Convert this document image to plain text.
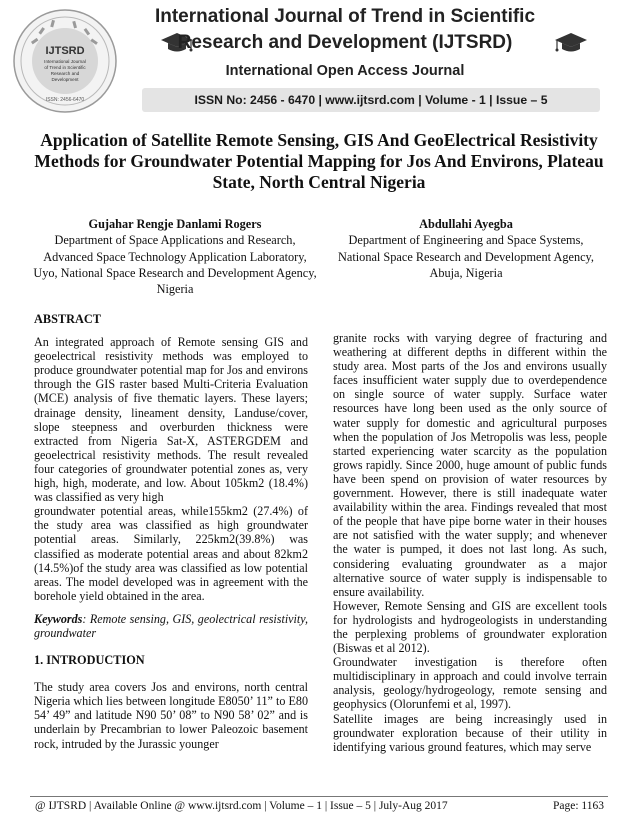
IJTSRD
International Journal
of Trend in Scientific
Research and
Development
ISSN: 2456-6470
International Journal of Trend in Scientific
Research and Development (IJTSRD)
International Open Access Journal
ISSN No: 2456 - 6470 | www.ijtsrd.com | Volume - 1 | Issue – 5
Application of Satellite Remote Sensing, GIS And GeoElectrical Resistivity Methods for Groundwater Potential Mapping for Jos And Environs, Plateau State, North Central Nigeria
Gujahar Rengje Danlami Rogers
Department of Space Applications and Research, Advanced Space Technology Application Laboratory, Uyo, National Space Research and Development Agency, Nigeria
Abdullahi Ayegba
Department of Engineering and Space Systems, National Space Research and Development Agency, Abuja, Nigeria
ABSTRACT

An integrated approach of Remote sensing GIS and geoelectrical resistivity methods was employed to produce groundwater potential map for Jos and environs through the GIS raster based Multi-Criteria Evaluation (MCE) analysis of five thematic layers. These layers; drainage density, lineament density, Landuse/cover, slope steepness and overburden thickness were extracted from Nigeria Sat-X, ASTERGDEM and geoelectrical resistivity methods. The result revealed four categories of groundwater potential zones as, very high, high, moderate, and low. About 105km2 (18.4%) was classified as very high

groundwater potential areas, while155km2 (27.4%) of the study area was classified as high groundwater potential areas. Similarly, 225km2(39.8%) was classified as moderate potential areas and about 82km2 (14.5%)of the study area was classified as low potential areas. The model developed was in agreement with the borehole yield obtained in the area.

Keywords: Remote sensing, GIS, geolectrical resistivity, groundwater

1. INTRODUCTION

The study area covers Jos and environs, north central Nigeria which lies between longitude E8050’ 11” to E80 54’ 49” and latitude N90 50’ 08” to N90 58’ 02” and is underlain by Precambrian to lower Paleozoic basement rock, intruded by the Jurassic younger

granite rocks with varying degree of fracturing and weathering at different depths in different within the study area. Most parts of the Jos and environs usually faces insufficient water supply due to overdependence on single source of water supply. Surface water resources have long been used as the only source of water supply for domestic and agricultural purposes when the population of Jos Metropolis was less, people started experiencing water scarcity as the population grows rapidly. Since 2000, huge amount of public funds have been spend on provision of water resources by government. However, there is still inadequate water availability within the area. Findings revealed that most of the people that have pipe borne water in their houses are not satisfied with the water supply; and whenever the water is pumped, it does not last long. As such, considering evaluating groundwater as a major alternative source of water supply is indispensable to ensure availability.

However, Remote Sensing and GIS are excellent tools for hydrologists and hydrogeologists in understanding the perplexing problems of groundwater exploration (Biswas et al 2012).

Groundwater investigation is therefore often multidisciplinary in approach and could involve terrain analysis, geology/hydrogeology, remote sensing and geophysics (Olorunfemi et al, 1997).

Satellite images are being increasingly used in groundwater exploration because of their utility in identifying various ground features, which may serve

@ IJTSRD | Available Online @ www.ijtsrd.com | Volume – 1 | Issue – 5 | July-Aug 2017	Page: 1163
